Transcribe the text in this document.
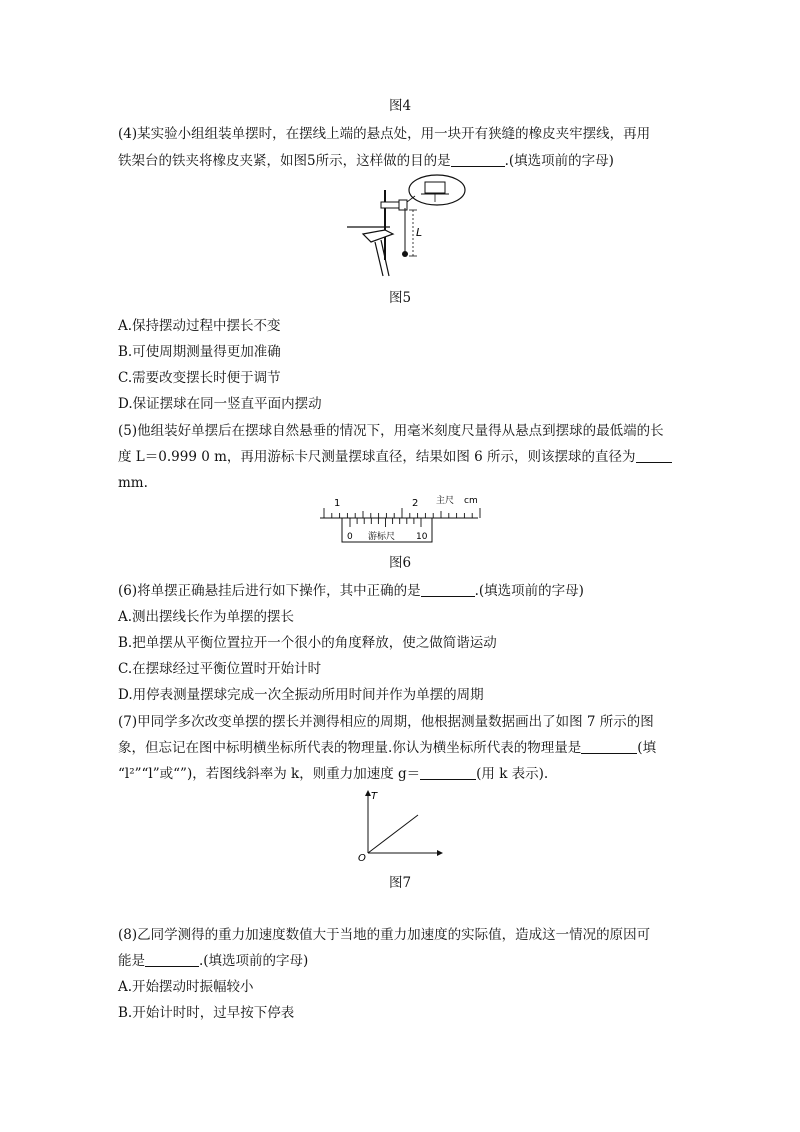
图4
(4)某实验小组组装单摆时，在摆线上端的悬点处，用一块开有狭缝的橡皮夹牢摆线，再用
铁架台的铁夹将橡皮夹紧，如图5所示，这样做的目的是	.(填选项前的字母)
L
图5
A.保持摆动过程中摆长不变
B.可使周期测量得更加准确
C.需要改变摆长时便于调节
D.保证摆球在同一竖直平面内摆动
(5)他组装好单摆后在摆球自然悬垂的情况下，用毫米刻度尺量得从悬点到摆球的最低端的长
度 L＝0.999 0 m，再用游标卡尺测量摆球直径，结果如图 6 所示，则该摆球的直径为
mm.
1	2 主尺 cm
0 游标尺 10
图6
(6)将单摆正确悬挂后进行如下操作，其中正确的是	.(填选项前的字母)
A.测出摆线长作为单摆的摆长
B.把单摆从平衡位置拉开一个很小的角度释放，使之做简谐运动
C.在摆球经过平衡位置时开始计时
D.用停表测量摆球完成一次全振动所用时间并作为单摆的周期
(7)甲同学多次改变单摆的摆长并测得相应的周期，他根据测量数据画出了如图 7 所示的图
象，但忘记在图中标明横坐标所代表的物理量.你认为横坐标所代表的物理量是	(填
“l²”“l”或“”)，若图线斜率为 k，则重力加速度 g＝	(用 k 表示).
T
O
图7
(8)乙同学测得的重力加速度数值大于当地的重力加速度的实际值，造成这一情况的原因可
能是	.(填选项前的字母)
A.开始摆动时振幅较小
B.开始计时时，过早按下停表
